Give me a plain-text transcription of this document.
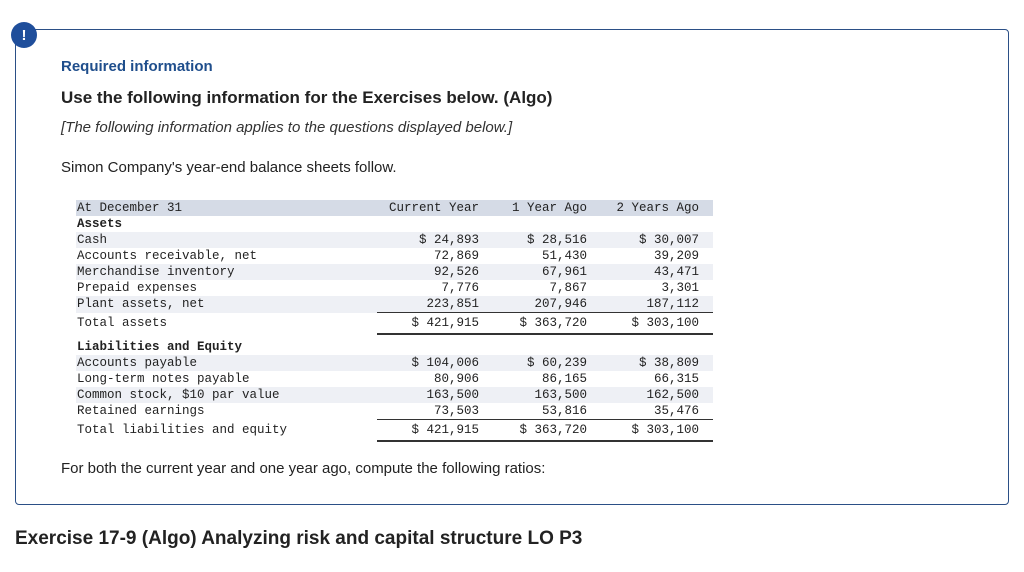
!
Required information
Use the following information for the Exercises below. (Algo)
[The following information applies to the questions displayed below.]
Simon Company's year-end balance sheets follow.
At December 31	Current Year	1 Year Ago	2 Years Ago
Assets			
Cash	$ 24,893	$ 28,516	$ 30,007
Accounts receivable, net	72,869	51,430	39,209
Merchandise inventory	92,526	67,961	43,471
Prepaid expenses	7,776	7,867	3,301
Plant assets, net	223,851	207,946	187,112
Total assets	$ 421,915	$ 363,720	$ 303,100
Liabilities and Equity			
Accounts payable	$ 104,006	$ 60,239	$ 38,809
Long-term notes payable	80,906	86,165	66,315
Common stock, $10 par value	163,500	163,500	162,500
Retained earnings	73,503	53,816	35,476
Total liabilities and equity	$ 421,915	$ 363,720	$ 303,100
For both the current year and one year ago, compute the following ratios:
Exercise 17-9 (Algo) Analyzing risk and capital structure LO P3
